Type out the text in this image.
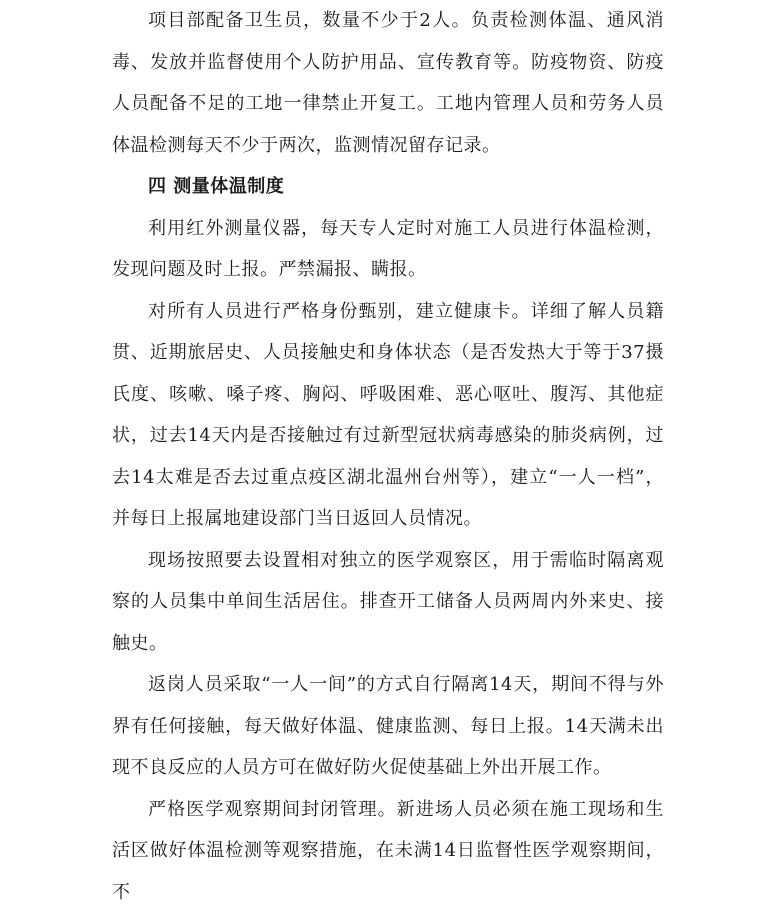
项目部配备卫生员，数量不少于2人。负责检测体温、通风消毒、发放并监督使用个人防护用品、宣传教育等。防疫物资、防疫人员配备不足的工地一律禁止开复工。工地内管理人员和劳务人员体温检测每天不少于两次，监测情况留存记录。

四 测量体温制度

利用红外测量仪器，每天专人定时对施工人员进行体温检测，发现问题及时上报。严禁漏报、瞒报。

对所有人员进行严格身份甄别，建立健康卡。详细了解人员籍贯、近期旅居史、人员接触史和身体状态（是否发热大于等于37摄氏度、咳嗽、嗓子疼、胸闷、呼吸困难、恶心呕吐、腹泻、其他症状，过去14天内是否接触过有过新型冠状病毒感染的肺炎病例，过去14太难是否去过重点疫区湖北温州台州等），建立“一人一档”，并每日上报属地建设部门当日返回人员情况。

现场按照要去设置相对独立的医学观察区，用于需临时隔离观察的人员集中单间生活居住。排查开工储备人员两周内外来史、接触史。

返岗人员采取“一人一间”的方式自行隔离14天，期间不得与外界有任何接触，每天做好体温、健康监测、每日上报。14天满未出现不良反应的人员方可在做好防火促使基础上外出开展工作。

严格医学观察期间封闭管理。新进场人员必须在施工现场和生活区做好体温检测等观察措施，在未满14日监督性医学观察期间，不
